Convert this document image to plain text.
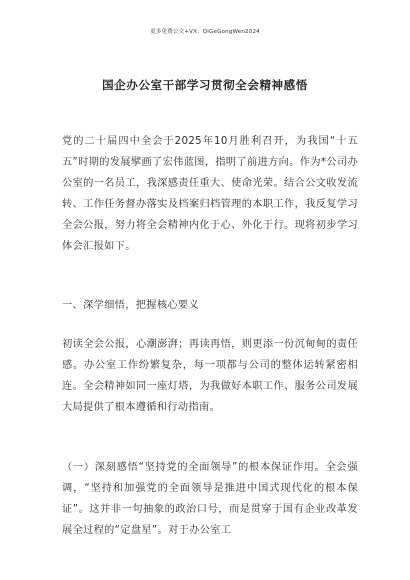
更多免费公文+VX：QiGeGongWen2024
国企办公室干部学习贯彻全会精神感悟

党的二十届四中全会于2025年10月胜利召开，为我国“十五五”时期的发展擘画了宏伟蓝图，指明了前进方向。作为*公司办公室的一名员工，我深感责任重大、使命光荣。结合公文收发流转、工作任务督办落实及档案归档管理的本职工作，我反复学习全会公报，努力将全会精神内化于心、外化于行。现将初步学习体会汇报如下。

一、深学细悟，把握核心要义

初读全会公报，心潮澎湃；再读再悟，则更添一份沉甸甸的责任感。办公室工作纷繁复杂，每一项都与公司的整体运转紧密相连。全会精神如同一座灯塔，为我做好本职工作、服务公司发展大局提供了根本遵循和行动指南。

（一）深刻感悟“坚持党的全面领导”的根本保证作用。全会强调，“坚持和加强党的全面领导是推进中国式现代化的根本保证”。这并非一句抽象的政治口号，而是贯穿于国有企业改革发展全过程的“定盘星”。对于办公室工
